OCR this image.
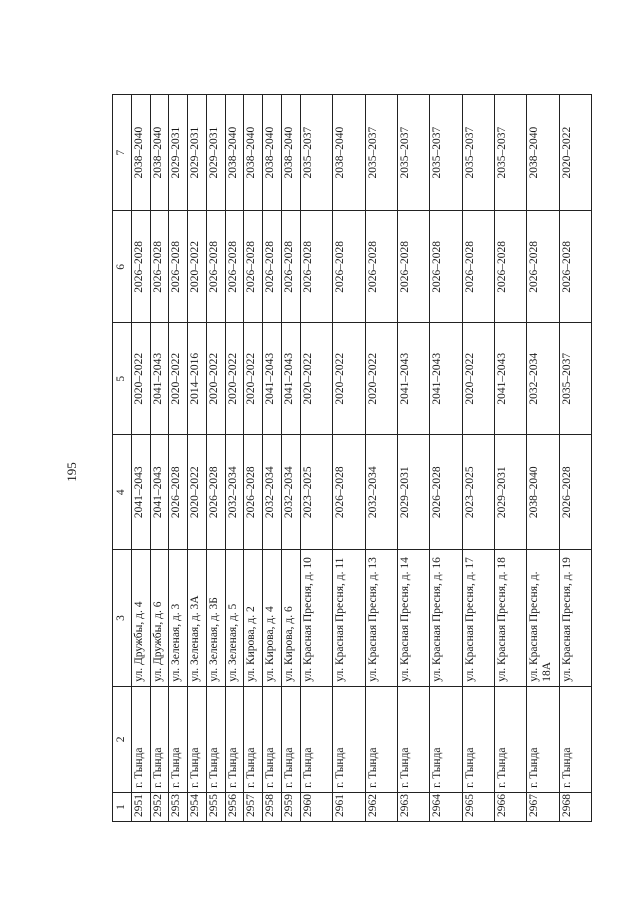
195
1	2	3	4	5	6	7
2951	г. Тында	ул. Дружбы, д. 4	2041–2043	2020–2022	2026–2028	2038–2040
2952	г. Тында	ул. Дружбы, д. 6	2041–2043	2041–2043	2026–2028	2038–2040
2953	г. Тында	ул. Зеленая, д. 3	2026–2028	2020–2022	2026–2028	2029–2031
2954	г. Тында	ул. Зеленая, д. 3А	2020–2022	2014–2016	2020–2022	2029–2031
2955	г. Тында	ул. Зеленая, д. 3Б	2026–2028	2020–2022	2026–2028	2029–2031
2956	г. Тында	ул. Зеленая, д. 5	2032–2034	2020–2022	2026–2028	2038–2040
2957	г. Тында	ул. Кирова, д. 2	2026–2028	2020–2022	2026–2028	2038–2040
2958	г. Тында	ул. Кирова, д. 4	2032–2034	2041–2043	2026–2028	2038–2040
2959	г. Тында	ул. Кирова, д. 6	2032–2034	2041–2043	2026–2028	2038–2040
2960	г. Тында	ул. Красная Пресня, д. 10	2023–2025	2020–2022	2026–2028	2035–2037
2961	г. Тында	ул. Красная Пресня, д. 11	2026–2028	2020–2022	2026–2028	2038–2040
2962	г. Тында	ул. Красная Пресня, д. 13	2032–2034	2020–2022	2026–2028	2035–2037
2963	г. Тында	ул. Красная Пресня, д. 14	2029–2031	2041–2043	2026–2028	2035–2037
2964	г. Тында	ул. Красная Пресня, д. 16	2026–2028	2041–2043	2026–2028	2035–2037
2965	г. Тында	ул. Красная Пресня, д. 17	2023–2025	2020–2022	2026–2028	2035–2037
2966	г. Тында	ул. Красная Пресня, д. 18	2029–2031	2041–2043	2026–2028	2035–2037
2967	г. Тында	ул. Красная Пресня, д. 18А	2038–2040	2032–2034	2026–2028	2038–2040
2968	г. Тында	ул. Красная Пресня, д. 19	2026–2028	2035–2037	2026–2028	2020–2022
